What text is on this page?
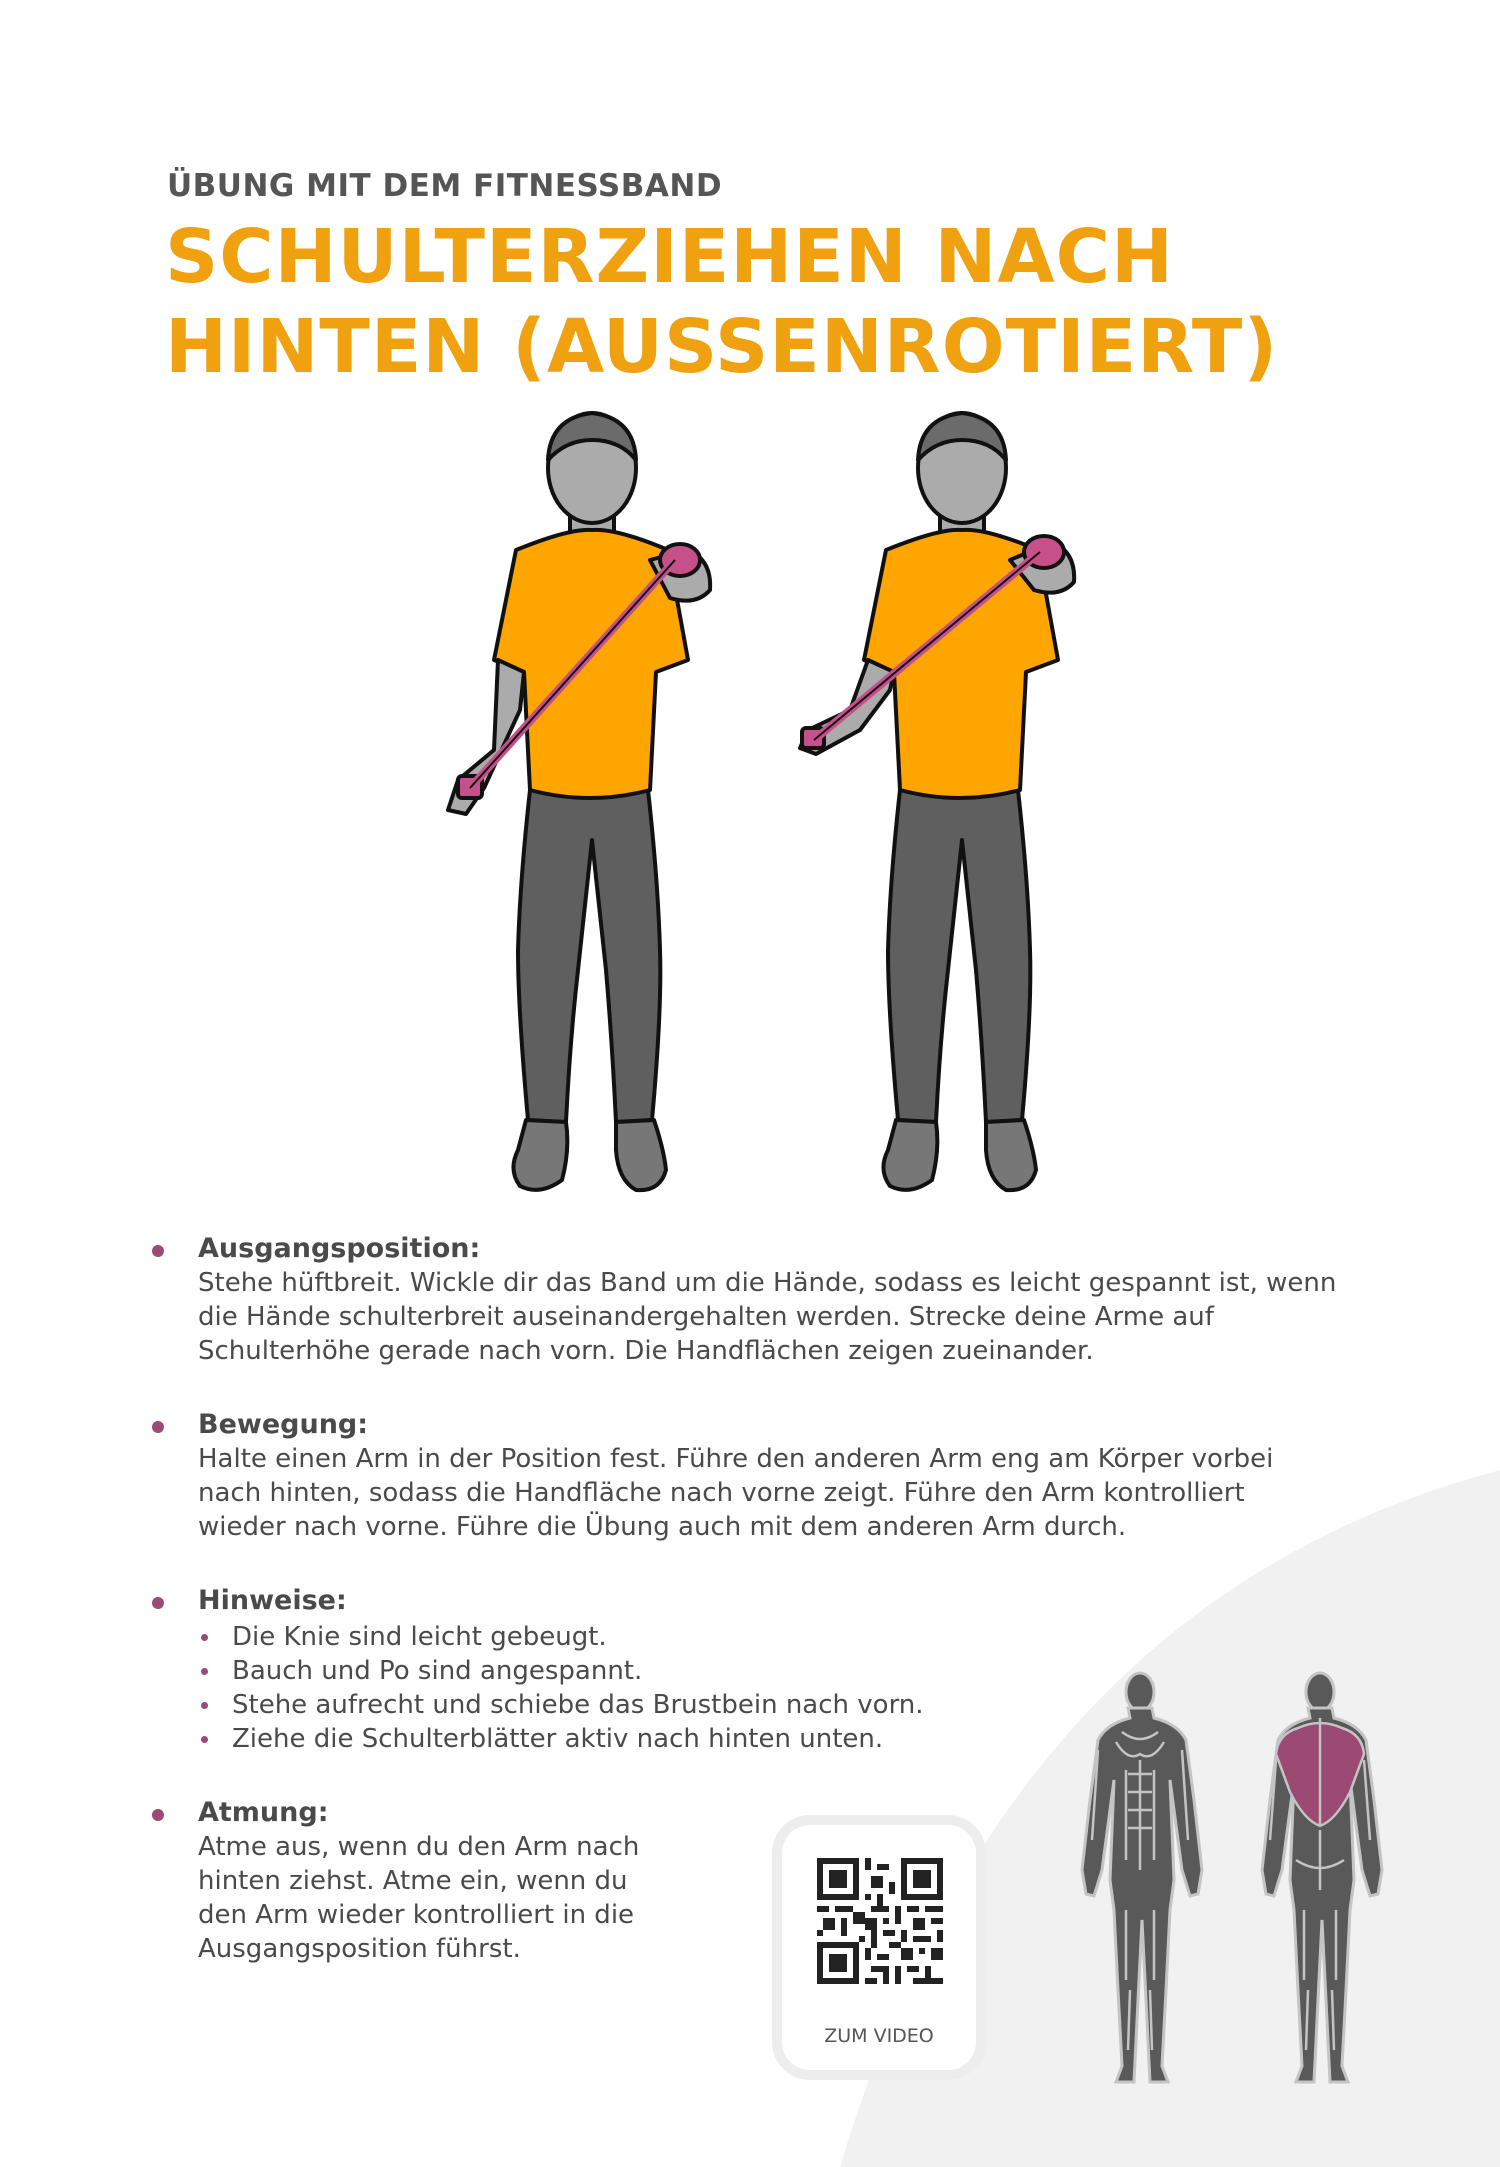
ÜBUNG MIT DEM FITNESSBAND
SCHULTERZIEHEN NACH HINTEN (AUSSENROTIERT)
Ausgangsposition:

Stehe hüftbreit. Wickle dir das Band um die Hände, sodass es leicht gespannt ist, wenn die Hände schulterbreit auseinandergehalten werden. Strecke deine Arme auf Schulterhöhe gerade nach vorn. Die Handflächen zeigen zueinander.

Bewegung:

Halte einen Arm in der Position fest. Führe den anderen Arm eng am Körper vorbei nach hinten, sodass die Handfläche nach vorne zeigt. Führe den Arm kontrolliert wieder nach vorne. Führe die Übung auch mit dem anderen Arm durch.

Hinweise:
Die Knie sind leicht gebeugt.
Bauch und Po sind angespannt.
Stehe aufrecht und schiebe das Brustbein nach vorn.
Ziehe die Schulterblätter aktiv nach hinten unten.
Atmung:

Atme aus, wenn du den Arm nach hinten ziehst. Atme ein, wenn du den Arm wieder kontrolliert in die Ausgangsposition führst.

ZUM VIDEO
